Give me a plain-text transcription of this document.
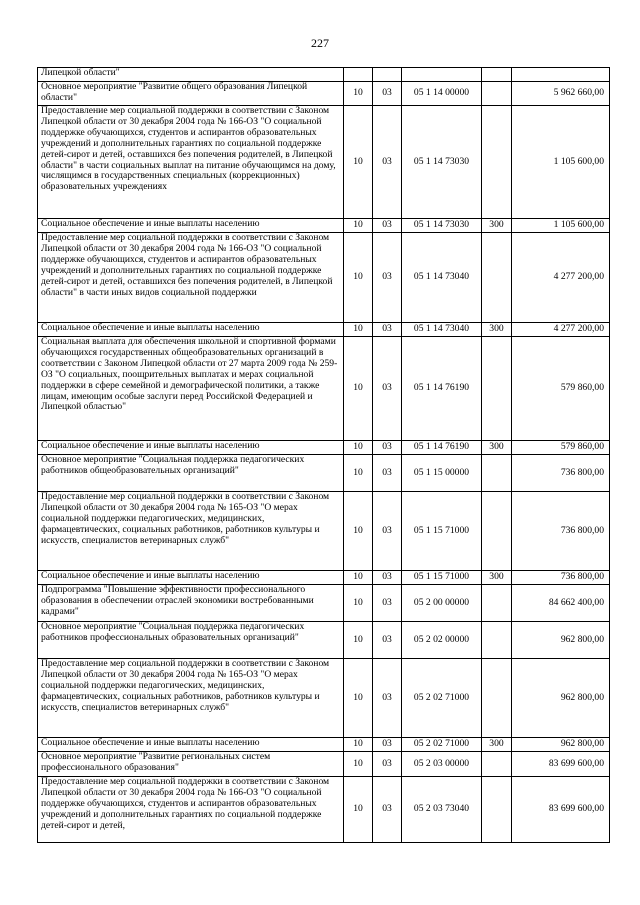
227
Липецкой области"					
Основное мероприятие "Развитие общего образования Липецкой области"	10	03	05 1 14 00000		5 962 660,00
Предоставление мер социальной поддержки в соответствии с Законом Липецкой области от 30 декабря 2004 года № 166-ОЗ "О социальной поддержке обучающихся, студентов и аспирантов образовательных учреждений и дополнительных гарантиях по социальной поддержке детей-сирот и детей, оставшихся без попечения родителей, в Липецкой области" в части социальных выплат на питание обучающимся на дому, числящимся в государственных специальных (коррекционных) образовательных учреждениях	10	03	05 1 14 73030		1 105 600,00
Социальное обеспечение и иные выплаты населению	10	03	05 1 14 73030	300	1 105 600,00
Предоставление мер социальной поддержки в соответствии с Законом Липецкой области от 30 декабря 2004 года № 166-ОЗ "О социальной поддержке обучающихся, студентов и аспирантов образовательных учреждений и дополнительных гарантиях по социальной поддержке детей-сирот и детей, оставшихся без попечения родителей, в Липецкой области" в части иных видов социальной поддержки	10	03	05 1 14 73040		4 277 200,00
Социальное обеспечение и иные выплаты населению	10	03	05 1 14 73040	300	4 277 200,00
Социальная выплата для обеспечения школьной и спортивной формами обучающихся государственных общеобразовательных организаций в соответствии с Законом Липецкой области от 27 марта 2009 года № 259-ОЗ "О социальных, поощрительных выплатах и мерах социальной поддержки в сфере семейной и демографической политики, а также лицам, имеющим особые заслуги перед Российской Федерацией и Липецкой областью"	10	03	05 1 14 76190		579 860,00
Социальное обеспечение и иные выплаты населению	10	03	05 1 14 76190	300	579 860,00
Основное мероприятие "Социальная поддержка педагогических работников общеобразовательных организаций"	10	03	05 1 15 00000		736 800,00
Предоставление мер социальной поддержки в соответствии с Законом Липецкой области от 30 декабря 2004 года № 165-ОЗ "О мерах социальной поддержки педагогических, медицинских, фармацевтических, социальных работников, работников культуры и искусств, специалистов ветеринарных служб"	10	03	05 1 15 71000		736 800,00
Социальное обеспечение и иные выплаты населению	10	03	05 1 15 71000	300	736 800,00
Подпрограмма "Повышение эффективности профессионального образования в обеспечении отраслей экономики востребованными кадрами"	10	03	05 2 00 00000		84 662 400,00
Основное мероприятие "Социальная поддержка педагогических работников профессиональных образовательных организаций"	10	03	05 2 02 00000		962 800,00
Предоставление мер социальной поддержки в соответствии с Законом Липецкой области от 30 декабря 2004 года № 165-ОЗ "О мерах социальной поддержки педагогических, медицинских, фармацевтических, социальных работников, работников культуры и искусств, специалистов ветеринарных служб"	10	03	05 2 02 71000		962 800,00
Социальное обеспечение и иные выплаты населению	10	03	05 2 02 71000	300	962 800,00
Основное мероприятие "Развитие региональных систем профессионального образования"	10	03	05 2 03 00000		83 699 600,00
Предоставление мер социальной поддержки в соответствии с Законом Липецкой области от 30 декабря 2004 года № 166-ОЗ "О социальной поддержке обучающихся, студентов и аспирантов образовательных учреждений и дополнительных гарантиях по социальной поддержке детей-сирот и детей,	10	03	05 2 03 73040		83 699 600,00
